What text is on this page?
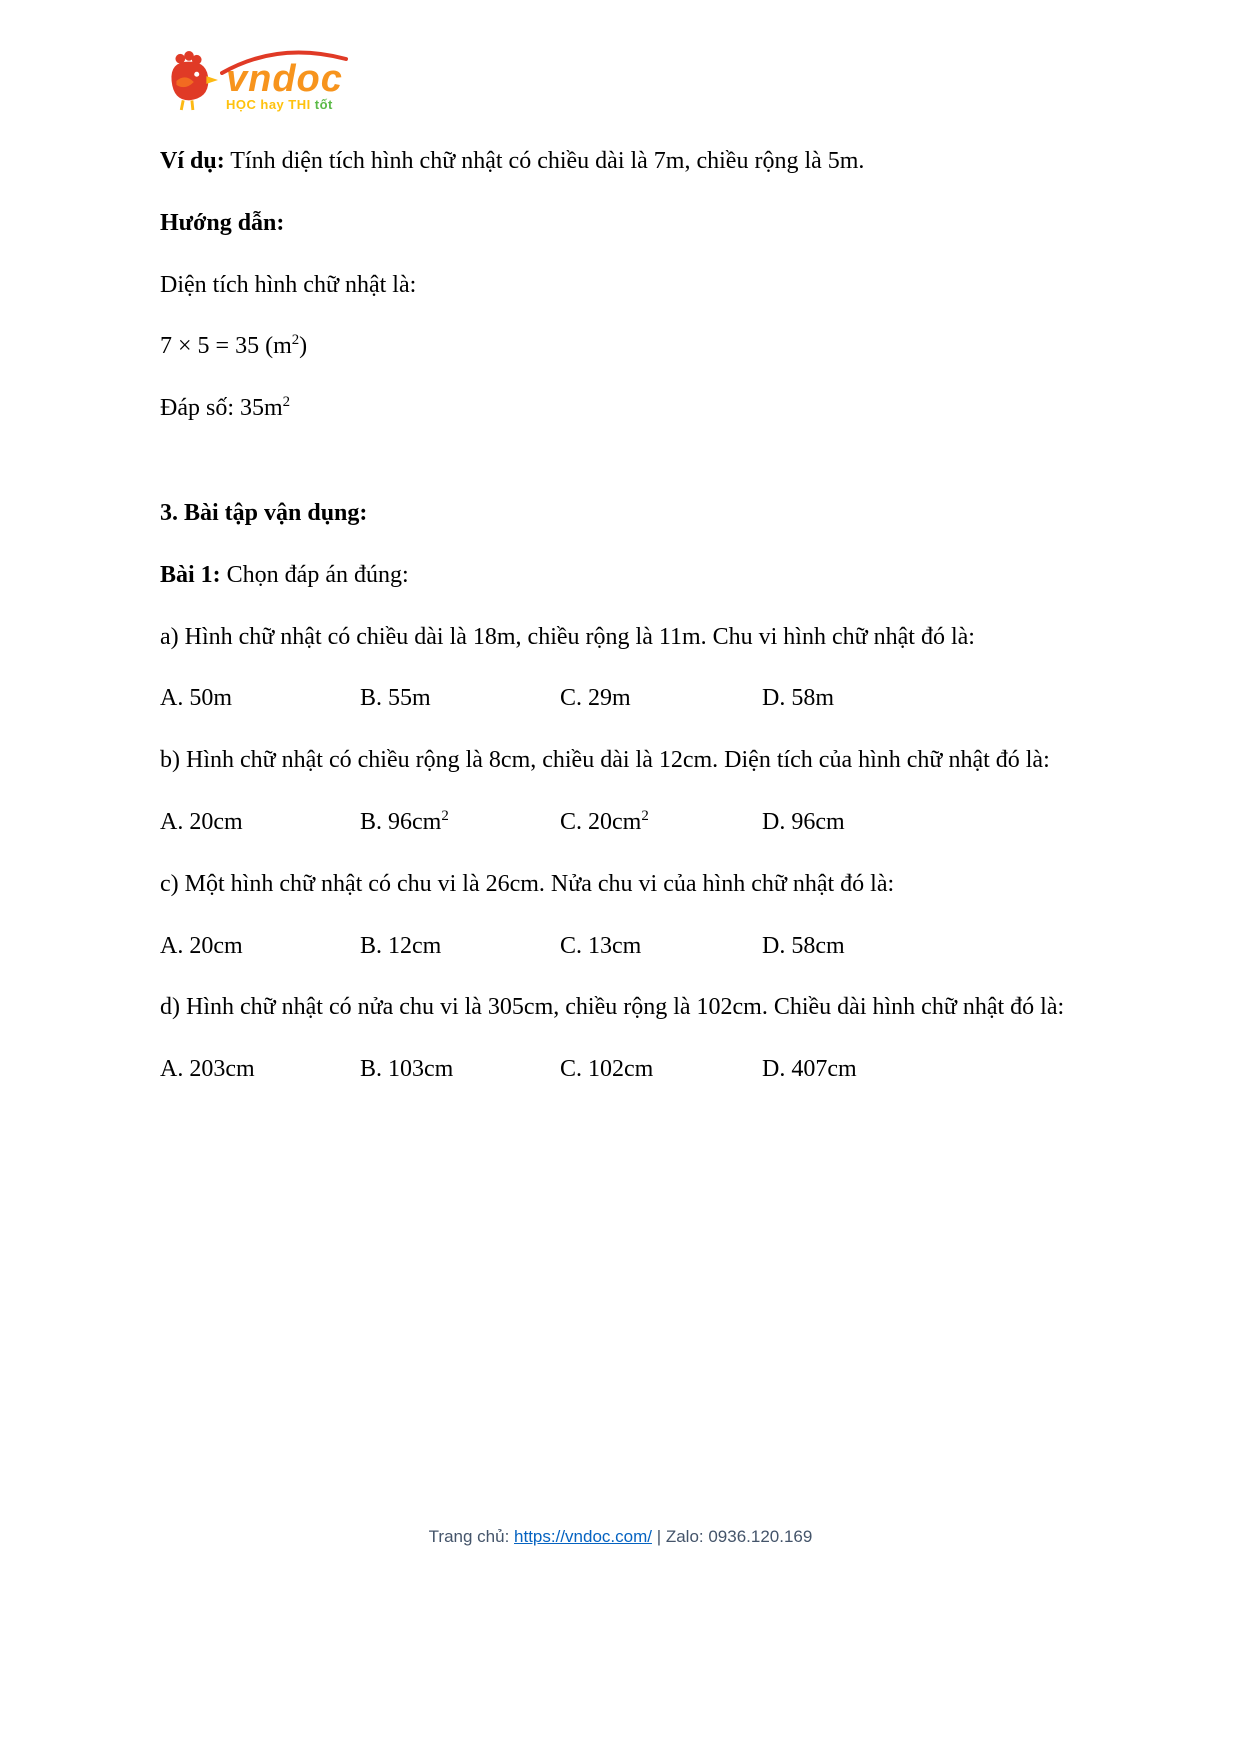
vndoc
HỌC hay THI tốt

Ví dụ: Tính diện tích hình chữ nhật có chiều dài là 7m, chiều rộng là 5m.

Hướng dẫn:

Diện tích hình chữ nhật là:

7 × 5 = 35 $(m^2)$

Đáp số: $35m^2$

3. Bài tập vận dụng:

Bài 1: Chọn đáp án đúng:

a) Hình chữ nhật có chiều dài là 18m, chiều rộng là 11m. Chu vi hình chữ nhật đó là:

A. 50m	B. 55m	C. 29m	D. 58m

b) Hình chữ nhật có chiều rộng là 8cm, chiều dài là 12cm. Diện tích của hình chữ nhật đó là:

A. 20cm	B. $96cm^2$	C. $20cm^2$	D. 96cm

c) Một hình chữ nhật có chu vi là 26cm. Nửa chu vi của hình chữ nhật đó là:

A. 20cm	B. 12cm	C. 13cm	D. 58cm

d) Hình chữ nhật có nửa chu vi là 305cm, chiều rộng là 102cm. Chiều dài hình chữ nhật đó là:

A. 203cm	B. 103cm	C. 102cm	D. 407cm
Trang chủ: https://vndoc.com/ | Zalo: 0936.120.169
